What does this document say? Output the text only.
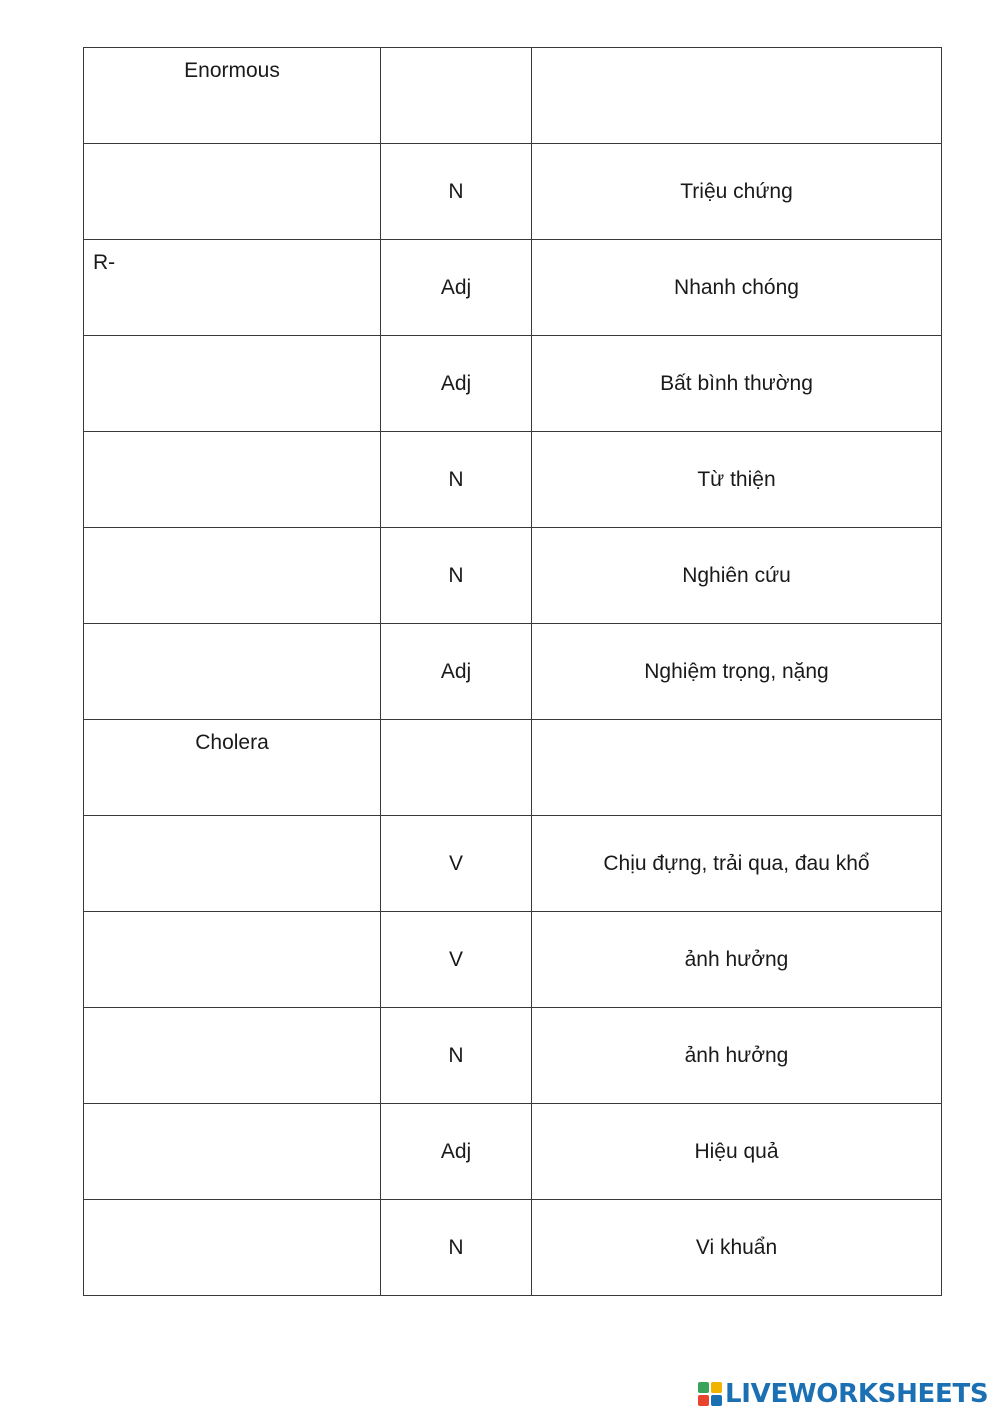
Enormous		

	N	Triệu chứng

R-	Adj	Nhanh chóng

	Adj	Bất bình thường

	N	Từ thiện

	N	Nghiên cứu

	Adj	Nghiệm trọng, nặng

Cholera		

	V	Chịu đựng, trải qua, đau khổ

	V	ảnh hưởng

	N	ảnh hưởng

	Adj	Hiệu quả

	N	Vi khuẩn
LIVEWORKSHEETS
